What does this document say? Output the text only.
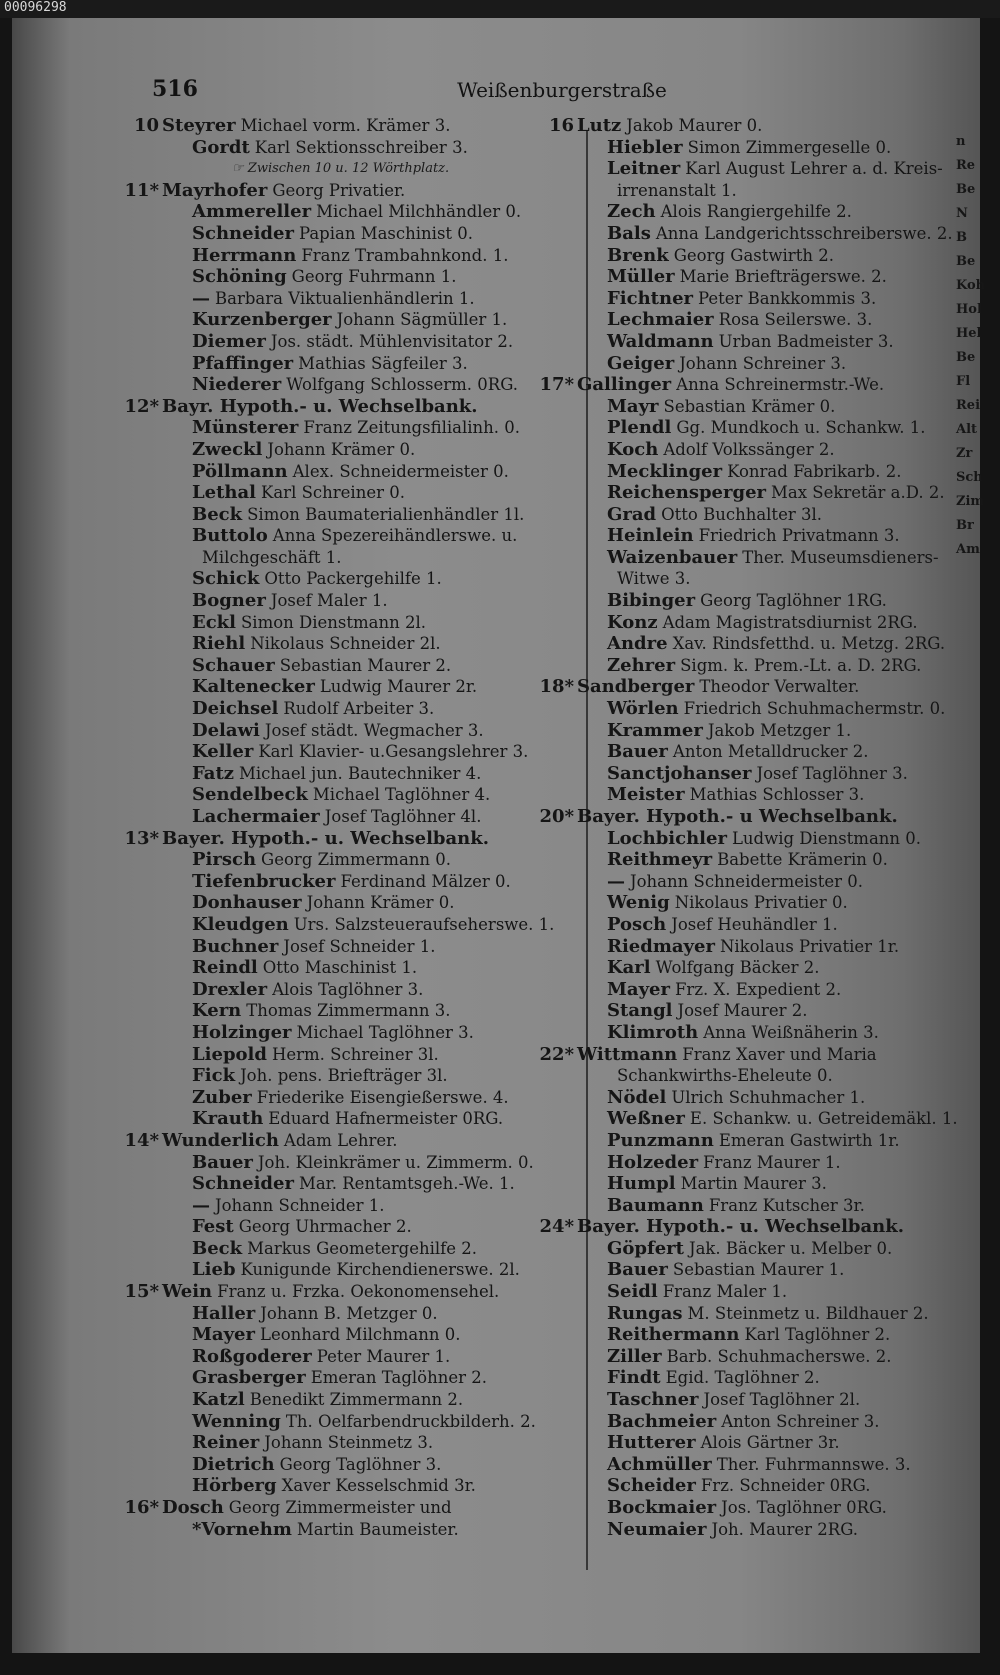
00096298
516	Weißenburgerstraße
10 Steyrer Michael vorm. Krämer 3.
Gordt Karl Sektionsschreiber 3.
☞ Zwischen 10 u. 12 Wörthplatz.
11* Mayrhofer Georg Privatier.
Ammereller Michael Milchhändler 0.
Schneider Papian Maschinist 0.
Herrmann Franz Trambahnkond. 1.
Schöning Georg Fuhrmann 1.
— Barbara Viktualienhändlerin 1.
Kurzenberger Johann Sägmüller 1.
Diemer Jos. städt. Mühlenvisitator 2.
Pfaffinger Mathias Sägfeiler 3.
Niederer Wolfgang Schlosserm. 0RG.
12* Bayr. Hypoth.- u. Wechselbank.
Münsterer Franz Zeitungsfilialinh. 0.
Zweckl Johann Krämer 0.
Pöllmann Alex. Schneidermeister 0.
Lethal Karl Schreiner 0.
Beck Simon Baumaterialienhändler 1l.
Buttolo Anna Spezereihändlerswe. u.
Milchgeschäft 1.
Schick Otto Packergehilfe 1.
Bogner Josef Maler 1.
Eckl Simon Dienstmann 2l.
Riehl Nikolaus Schneider 2l.
Schauer Sebastian Maurer 2.
Kaltenecker Ludwig Maurer 2r.
Deichsel Rudolf Arbeiter 3.
Delawi Josef städt. Wegmacher 3.
Keller Karl Klavier- u.Gesangslehrer 3.
Fatz Michael jun. Bautechniker 4.
Sendelbeck Michael Taglöhner 4.
Lachermaier Josef Taglöhner 4l.
13* Bayer. Hypoth.- u. Wechselbank.
Pirsch Georg Zimmermann 0.
Tiefenbrucker Ferdinand Mälzer 0.
Donhauser Johann Krämer 0.
Kleudgen Urs. Salzsteueraufseherswe. 1.
Buchner Josef Schneider 1.
Reindl Otto Maschinist 1.
Drexler Alois Taglöhner 3.
Kern Thomas Zimmermann 3.
Holzinger Michael Taglöhner 3.
Liepold Herm. Schreiner 3l.
Fick Joh. pens. Briefträger 3l.
Zuber Friederike Eisengießerswe. 4.
Krauth Eduard Hafnermeister 0RG.
14* Wunderlich Adam Lehrer.
Bauer Joh. Kleinkrämer u. Zimmerm. 0.
Schneider Mar. Rentamtsgeh.-We. 1.
— Johann Schneider 1.
Fest Georg Uhrmacher 2.
Beck Markus Geometergehilfe 2.
Lieb Kunigunde Kirchendienerswe. 2l.
15* Wein Franz u. Frzka. Oekonomensehel.
Haller Johann B. Metzger 0.
Mayer Leonhard Milchmann 0.
Roßgoderer Peter Maurer 1.
Grasberger Emeran Taglöhner 2.
Katzl Benedikt Zimmermann 2.
Wenning Th. Oelfarbendruckbilderh. 2.
Reiner Johann Steinmetz 3.
Dietrich Georg Taglöhner 3.
Hörberg Xaver Kesselschmid 3r.
16* Dosch Georg Zimmermeister und
*Vornehm Martin Baumeister.
16 Lutz Jakob Maurer 0.
Hiebler Simon Zimmergeselle 0.
Leitner Karl August Lehrer a. d. Kreis-
irrenanstalt 1.
Zech Alois Rangiergehilfe 2.
Bals Anna Landgerichtsschreiberswe. 2.
Brenk Georg Gastwirth 2.
Müller Marie Briefträgerswe. 2.
Fichtner Peter Bankkommis 3.
Lechmaier Rosa Seilerswe. 3.
Waldmann Urban Badmeister 3.
Geiger Johann Schreiner 3.
17* Gallinger Anna Schreinermstr.-We.
Mayr Sebastian Krämer 0.
Plendl Gg. Mundkoch u. Schankw. 1.
Koch Adolf Volkssänger 2.
Mecklinger Konrad Fabrikarb. 2.
Reichensperger Max Sekretär a.D. 2.
Grad Otto Buchhalter 3l.
Heinlein Friedrich Privatmann 3.
Waizenbauer Ther. Museumsdieners-
Witwe 3.
Bibinger Georg Taglöhner 1RG.
Konz Adam Magistratsdiurnist 2RG.
Andre Xav. Rindsfetthd. u. Metzg. 2RG.
Zehrer Sigm. k. Prem.-Lt. a. D. 2RG.
18* Sandberger Theodor Verwalter.
Wörlen Friedrich Schuhmachermstr. 0.
Krammer Jakob Metzger 1.
Bauer Anton Metalldrucker 2.
Sanctjohanser Josef Taglöhner 3.
Meister Mathias Schlosser 3.
20* Bayer. Hypoth.- u Wechselbank.
Lochbichler Ludwig Dienstmann 0.
Reithmeyr Babette Krämerin 0.
— Johann Schneidermeister 0.
Wenig Nikolaus Privatier 0.
Posch Josef Heuhändler 1.
Riedmayer Nikolaus Privatier 1r.
Karl Wolfgang Bäcker 2.
Mayer Frz. X. Expedient 2.
Stangl Josef Maurer 2.
Klimroth Anna Weißnäherin 3.
22* Wittmann Franz Xaver und Maria
Schankwirths-Eheleute 0.
Nödel Ulrich Schuhmacher 1.
Weßner E. Schankw. u. Getreidemäkl. 1.
Punzmann Emeran Gastwirth 1r.
Holzeder Franz Maurer 1.
Humpl Martin Maurer 3.
Baumann Franz Kutscher 3r.
24* Bayer. Hypoth.- u. Wechselbank.
Göpfert Jak. Bäcker u. Melber 0.
Bauer Sebastian Maurer 1.
Seidl Franz Maler 1.
Rungas M. Steinmetz u. Bildhauer 2.
Reithermann Karl Taglöhner 2.
Ziller Barb. Schuhmacherswe. 2.
Findt Egid. Taglöhner 2.
Taschner Josef Taglöhner 2l.
Bachmeier Anton Schreiner 3.
Hutterer Alois Gärtner 3r.
Achmüller Ther. Fuhrmannswe. 3.
Scheider Frz. Schneider 0RG.
Bockmaier Jos. Taglöhner 0RG.
Neumaier Joh. Maurer 2RG.
n
Re
Be
N
B
Be
Koh
Hol
Hel
Be
Fl
Rei
Alt
Zr
Sch
Zim
Br
Am
